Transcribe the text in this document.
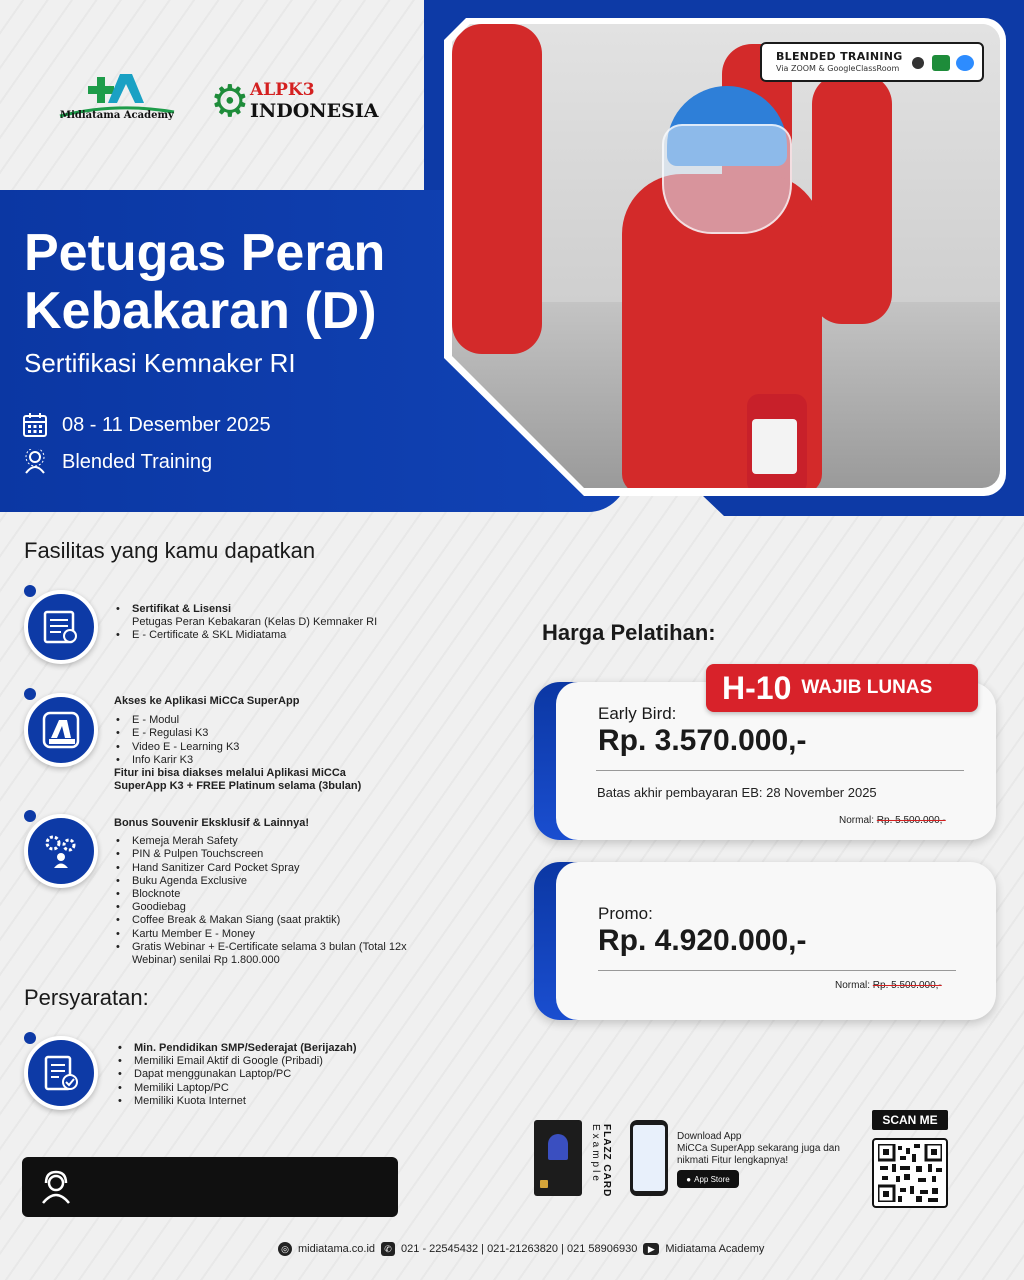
BLENDED TRAINING
Via ZOOM & GoogleClassRoom
Midiatama Academy ⚙ ALPK3
INDONESIA
Petugas Peran Kebakaran (D)
Sertifikasi Kemnaker RI
08 - 11 Desember 2025
Blended Training
Fasilitas yang kamu dapatkan
• Sertifikat & Lisensi
Petugas Peran Kebakaran (Kelas D) Kemnaker RI
• E - Certificate & SKL Midiatama
Akses ke Aplikasi MiCCa SuperApp
• E - Modul
• E - Regulasi K3
• Video E - Learning K3
• Info Karir K3
Fitur ini bisa diakses melalui Aplikasi MiCCa SuperApp K3 + FREE Platinum selama (3bulan)
Bonus Souvenir Eksklusif & Lainnya!
• Kemeja Merah Safety
• PIN & Pulpen Touchscreen
• Hand Sanitizer Card Pocket Spray
• Buku Agenda Exclusive
• Blocknote
• Goodiebag
• Coffee Break & Makan Siang (saat praktik)
• Kartu Member E - Money
• Gratis Webinar + E-Certificate selama 3 bulan (Total 12x Webinar) senilai Rp 1.800.000
Persyaratan:
• Min. Pendidikan SMP/Sederajat (Berijazah)
• Memiliki Email Aktif di Google (Pribadi)
• Dapat menggunakan Laptop/PC
• Memiliki Laptop/PC
• Memiliki Kuota Internet
Harga Pelatihan:
Early Bird:
Rp. 3.570.000,-
Batas akhir pembayaran EB: 28 November 2025
Normal: Rp. 5.500.000,-
H-10 WAJIB LUNAS
Promo:
Rp. 4.920.000,-
Normal: Rp. 5.500.000,-
FLAZZ CARD Example	Download App
MiCCa SuperApp sekarang juga dan nikmati Fitur lengkapnya!
● App Store
SCAN ME
◎ midiatama.co.id	✆ 021 - 22545432 | 021-21263820 | 021 58906930	▶ Midiatama Academy
